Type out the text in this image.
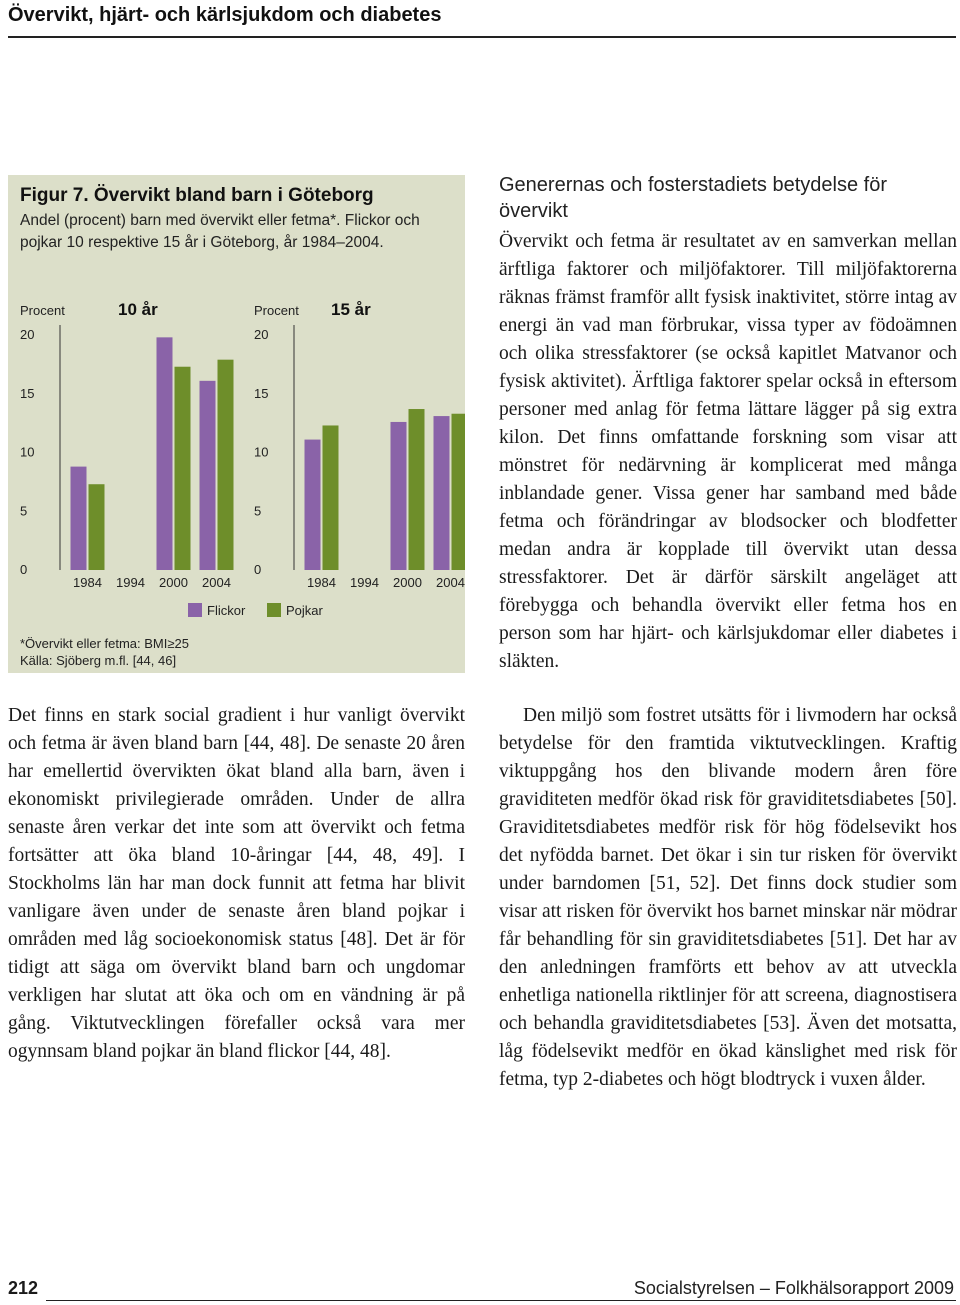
Övervikt, hjärt- och kärlsjukdom och diabetes
Figur 7. Övervikt bland barn i Göteborg
Andel (procent) barn med övervikt eller fetma*. Flickor och pojkar 10 respektive 15 år i Göteborg, år 1984–2004.
Procent	10 år
0
5
10
15
20
1984 1994 2000 2004
Procent 15 år
0
5
10
15
20
1984 1994 2000 2004
Flickor	Pojkar
*Övervikt eller fetma: BMI≥25
Källa: Sjöberg m.fl. [44, 46]

Det finns en stark social gradient i hur vanligt övervikt och fetma är även bland barn [44, 48]. De senaste 20 åren har emellertid övervikten ökat bland alla barn, även i ekonomiskt privilegierade områden. Under de allra senaste åren verkar det inte som att övervikt och fetma fortsätter att öka bland 10-åringar [44, 48, 49]. I Stockholms län har man dock funnit att fetma har blivit vanligare även under de senaste åren bland pojkar i områden med låg socioekonomisk status [48]. Det är för tidigt att säga om övervikt bland barn och ungdomar verkligen har slutat att öka och om en vändning är på gång. Viktutvecklingen förefaller också vara mer ogynnsam bland pojkar än bland flickor [44, 48].

Generernas och fosterstadiets betydelse för övervikt

Övervikt och fetma är resultatet av en samverkan mellan ärftliga faktorer och miljöfaktorer. Till miljöfaktorerna räknas främst framför allt fysisk inaktivitet, större intag av energi än vad man förbrukar, vissa typer av födoämnen och olika stressfaktorer (se också kapitlet Matvanor och fysisk aktivitet). Ärftliga faktorer spelar också in eftersom personer med anlag för fetma lättare lägger på sig extra kilon. Det finns omfattande forskning som visar att mönstret för nedärvning är komplicerat med många inblandade gener. Vissa gener har samband med både fetma och förändringar av blodsocker och blodfetter medan andra är kopplade till övervikt utan dessa stressfaktorer. Det är därför särskilt angeläget att förebygga och behandla övervikt eller fetma hos en person som har hjärt- och kärlsjukdomar eller diabetes i släkten.

Den miljö som fostret utsätts för i livmodern har också betydelse för den framtida viktutvecklingen. Kraftig viktuppgång hos den blivande modern åren före graviditeten medför ökad risk för graviditetsdiabetes [50]. Graviditetsdiabetes medför risk för hög födelsevikt hos det nyfödda barnet. Det ökar i sin tur risken för övervikt under barndomen [51, 52]. Det finns dock studier som visar att risken för övervikt hos barnet minskar när mödrar får behandling för sin graviditetsdiabetes [51]. Det har av den anledningen framförts ett behov av att utveckla enhetliga nationella riktlinjer för att screena, diagnostisera och behandla graviditetsdiabetes [53]. Även det motsatta, låg födelsevikt medför en ökad känslighet med risk för fetma, typ 2-diabetes och högt blodtryck i vuxen ålder.

212	Socialstyrelsen – Folkhälsorapport 2009
